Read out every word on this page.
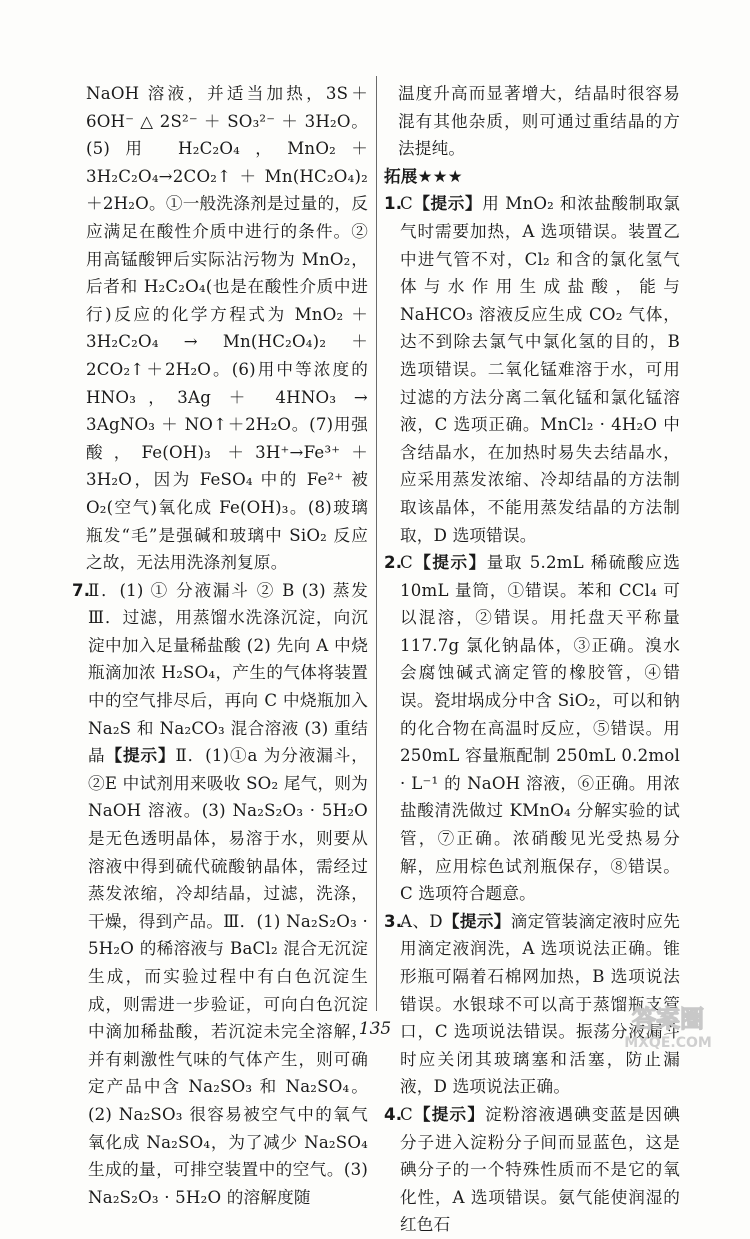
NaOH 溶液，并适当加热，3S＋6OH⁻ △ 2S²⁻ ＋ SO₃²⁻ ＋ 3H₂O。(5)用 H₂C₂O₄，MnO₂＋3H₂C₂O₄→2CO₂↑＋Mn(HC₂O₄)₂＋2H₂O。①一般洗涤剂是过量的，反应满足在酸性介质中进行的条件。②用高锰酸钾后实际沾污物为 MnO₂，后者和 H₂C₂O₄(也是在酸性介质中进行)反应的化学方程式为 MnO₂ ＋ 3H₂C₂O₄ → Mn(HC₂O₄)₂ ＋ 2CO₂↑＋2H₂O。(6)用中等浓度的 HNO₃，3Ag ＋ 4HNO₃ → 3AgNO₃ ＋ NO↑＋2H₂O。(7)用强酸，Fe(OH)₃ ＋3H⁺→Fe³⁺＋3H₂O，因为 FeSO₄ 中的 Fe²⁺ 被 O₂(空气)氧化成 Fe(OH)₃。(8)玻璃瓶发“毛”是强碱和玻璃中 SiO₂ 反应之故，无法用洗涤剂复原。
7.
Ⅱ．(1) ① 分液漏斗 ② B (3) 蒸发 Ⅲ．过滤，用蒸馏水洗涤沉淀，向沉淀中加入足量稀盐酸 (2) 先向 A 中烧瓶滴加浓 H₂SO₄，产生的气体将装置中的空气排尽后，再向 C 中烧瓶加入 Na₂S 和 Na₂CO₃ 混合溶液 (3) 重结晶【提示】Ⅱ．(1)①a 为分液漏斗，②E 中试剂用来吸收 SO₂ 尾气，则为 NaOH 溶液。(3) Na₂S₂O₃ · 5H₂O 是无色透明晶体，易溶于水，则要从溶液中得到硫代硫酸钠晶体，需经过蒸发浓缩，冷却结晶，过滤，洗涤，干燥，得到产品。Ⅲ．(1) Na₂S₂O₃ · 5H₂O 的稀溶液与 BaCl₂ 混合无沉淀生成，而实验过程中有白色沉淀生成，则需进一步验证，可向白色沉淀中滴加稀盐酸，若沉淀未完全溶解，并有刺激性气味的气体产生，则可确定产品中含 Na₂SO₃ 和 Na₂SO₄。(2) Na₂SO₃ 很容易被空气中的氧气氧化成 Na₂SO₄，为了减少 Na₂SO₄ 生成的量，可排空装置中的空气。(3) Na₂S₂O₃ · 5H₂O 的溶解度随
温度升高而显著增大，结晶时很容易混有其他杂质，则可通过重结晶的方法提纯。
拓展★★★
1.
C【提示】用 MnO₂ 和浓盐酸制取氯气时需要加热，A 选项错误。装置乙中进气管不对，Cl₂ 和含的氯化氢气体与水作用生成盐酸，能与 NaHCO₃ 溶液反应生成 CO₂ 气体，达不到除去氯气中氯化氢的目的，B 选项错误。二氧化锰难溶于水，可用过滤的方法分离二氧化锰和氯化锰溶液，C 选项正确。MnCl₂ · 4H₂O 中含结晶水，在加热时易失去结晶水，应采用蒸发浓缩、冷却结晶的方法制取该晶体，不能用蒸发结晶的方法制取，D 选项错误。
2.
C【提示】量取 5.2mL 稀硫酸应选 10mL 量筒，①错误。苯和 CCl₄ 可以混溶，②错误。用托盘天平称量 117.7g 氯化钠晶体，③正确。溴水会腐蚀碱式滴定管的橡胶管，④错误。瓷坩埚成分中含 SiO₂，可以和钠的化合物在高温时反应，⑤错误。用 250mL 容量瓶配制 250mL 0.2mol · L⁻¹ 的 NaOH 溶液，⑥正确。用浓盐酸清洗做过 KMnO₄ 分解实验的试管，⑦正确。浓硝酸见光受热易分解，应用棕色试剂瓶保存，⑧错误。C 选项符合题意。
3.
A、D【提示】滴定管装滴定液时应先用滴定液润洗，A 选项说法正确。锥形瓶可隔着石棉网加热，B 选项说法错误。水银球不可以高于蒸馏瓶支管口，C 选项说法错误。振荡分液漏斗时应关闭其玻璃塞和活塞，防止漏液，D 选项说法正确。
4.
C【提示】淀粉溶液遇碘变蓝是因碘分子进入淀粉分子间而显蓝色，这是碘分子的一个特殊性质而不是它的氧化性，A 选项错误。氨气能使润湿的红色石
135	答案圈
MXQE.COM
